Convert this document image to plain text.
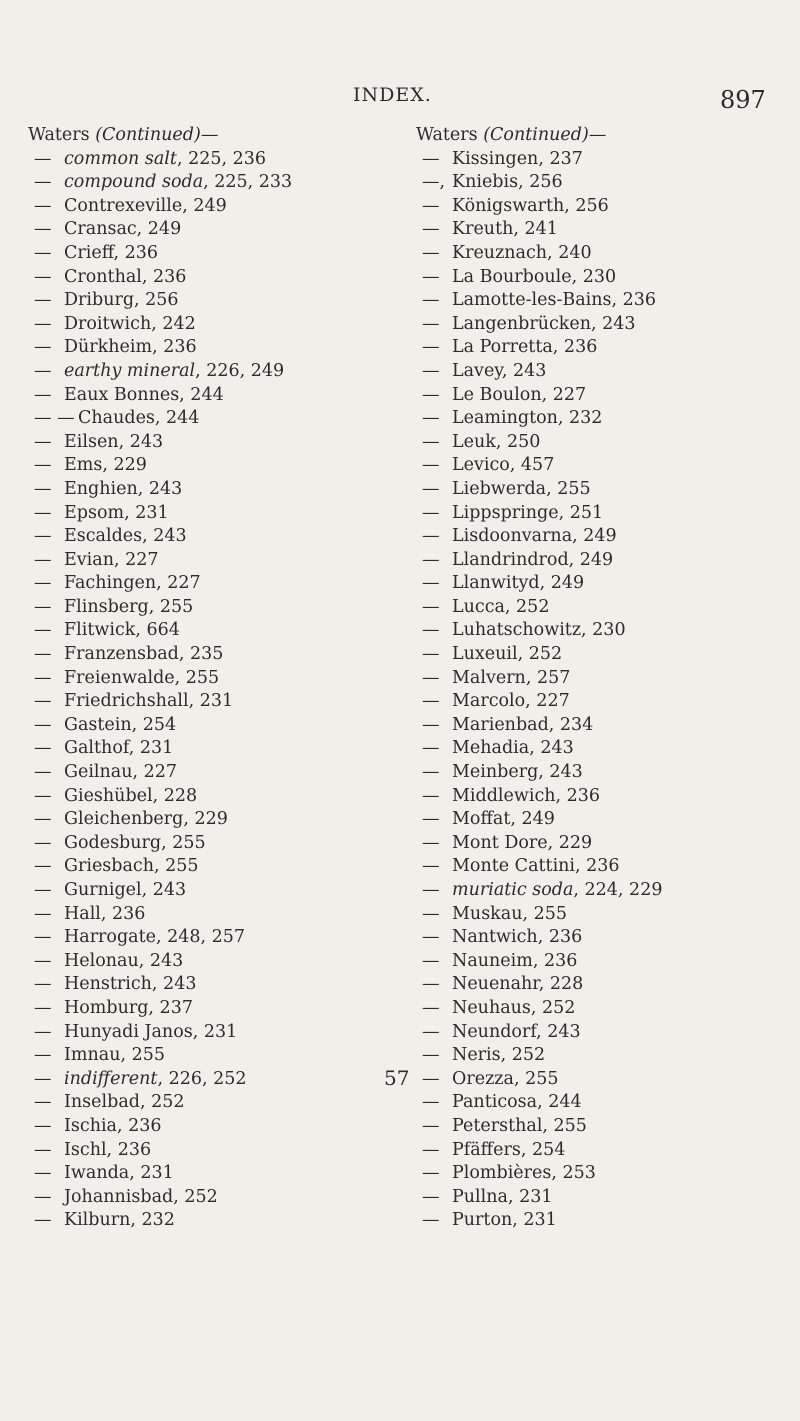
INDEX.	897
Waters (Continued)—
— common salt, 225, 236
— compound soda, 225, 233
— Contrexeville, 249
— Cransac, 249
— Crieff, 236
— Cronthal, 236
— Driburg, 256
— Droitwich, 242
— Dürkheim, 236
— earthy mineral, 226, 249
— Eaux Bonnes, 244
— — Chaudes, 244
— Eilsen, 243
— Ems, 229
— Enghien, 243
— Epsom, 231
— Escaldes, 243
— Evian, 227
— Fachingen, 227
— Flinsberg, 255
— Flitwick, 664
— Franzensbad, 235
— Freienwalde, 255
— Friedrichshall, 231
— Gastein, 254
— Galthof, 231
— Geilnau, 227
— Gieshübel, 228
— Gleichenberg, 229
— Godesburg, 255
— Griesbach, 255
— Gurnigel, 243
— Hall, 236
— Harrogate, 248, 257
— Helonau, 243
— Henstrich, 243
— Homburg, 237
— Hunyadi Janos, 231
— Imnau, 255
— indifferent, 226, 252
— Inselbad, 252
— Ischia, 236
— Ischl, 236
— Iwanda, 231
— Johannisbad, 252
— Kilburn, 232
Waters (Continued)—
— Kissingen, 237
—, Kniebis, 256
— Königswarth, 256
— Kreuth, 241
— Kreuznach, 240
— La Bourboule, 230
— Lamotte-les-Bains, 236
— Langenbrücken, 243
— La Porretta, 236
— Lavey, 243
— Le Boulon, 227
— Leamington, 232
— Leuk, 250
— Levico, 457
— Liebwerda, 255
— Lippspringe, 251
— Lisdoonvarna, 249
— Llandrindrod, 249
— Llanwityd, 249
— Lucca, 252
— Luhatschowitz, 230
— Luxeuil, 252
— Malvern, 257
— Marcolo, 227
— Marienbad, 234
— Mehadia, 243
— Meinberg, 243
— Middlewich, 236
— Moffat, 249
— Mont Dore, 229
— Monte Cattini, 236
— muriatic soda, 224, 229
— Muskau, 255
— Nantwich, 236
— Nauneim, 236
— Neuenahr, 228
— Neuhaus, 252
— Neundorf, 243
— Neris, 252
— Orezza, 255
— Panticosa, 244
— Petersthal, 255
— Pfäffers, 254
— Plombières, 253
— Pullna, 231
— Purton, 231
57
